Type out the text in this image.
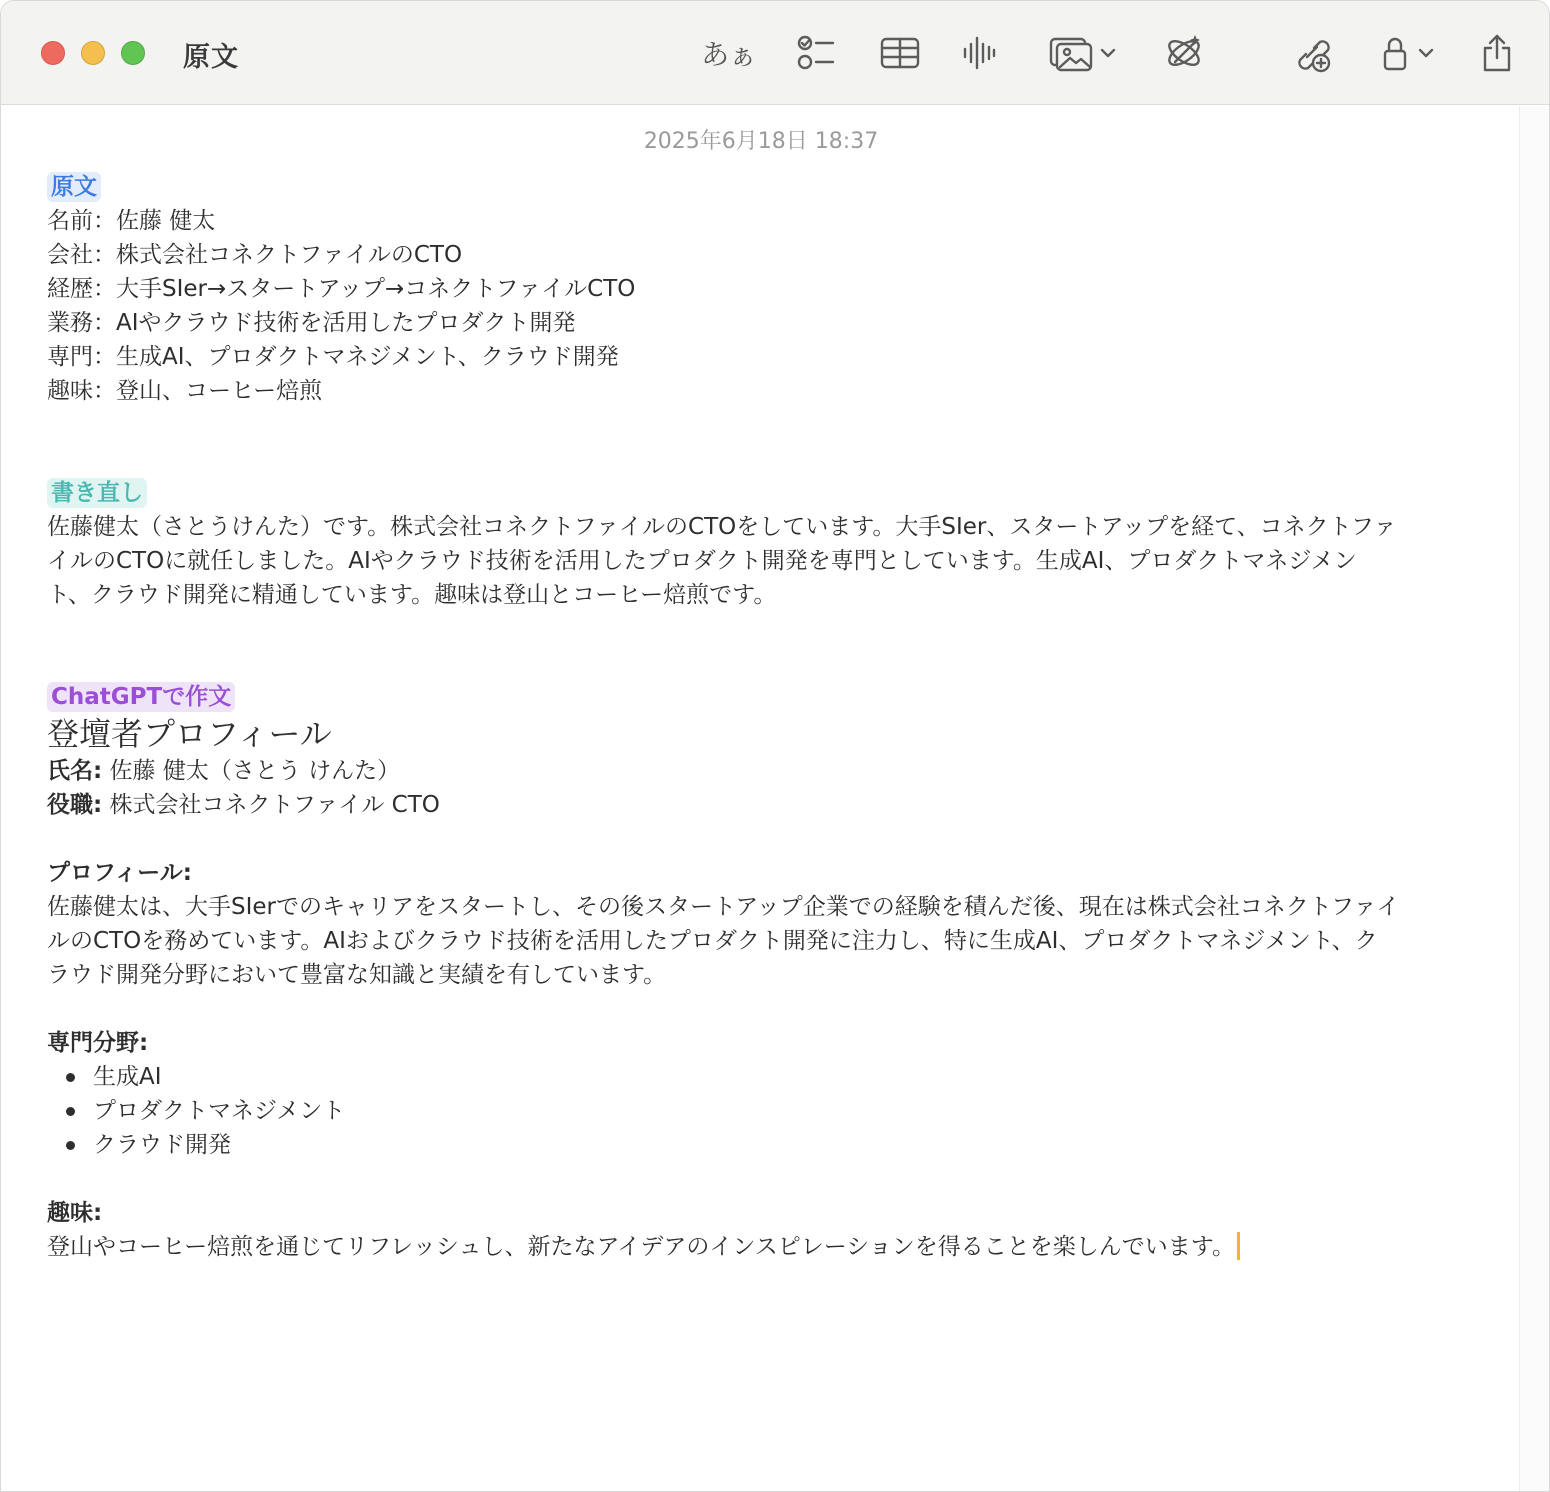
原文	あぁ
2025年6月18日 18:37
原文
名前：佐藤 健太
会社：株式会社コネクトファイルのCTO
経歴：大手SIer→スタートアップ→コネクトファイルCTO
業務：AIやクラウド技術を活用したプロダクト開発
専門：生成AI、プロダクトマネジメント、クラウド開発
趣味：登山、コーヒー焙煎
書き直し
佐藤健太（さとうけんた）です。株式会社コネクトファイルのCTOをしています。大手SIer、スタートアップを経て、コネクトファ
イルのCTOに就任しました。AIやクラウド技術を活用したプロダクト開発を専門としています。生成AI、プロダクトマネジメン
ト、クラウド開発に精通しています。趣味は登山とコーヒー焙煎です。
ChatGPTで作文
登壇者プロフィール
氏名: 佐藤 健太（さとう けんた）
役職: 株式会社コネクトファイル CTO
プロフィール:
佐藤健太は、大手SIerでのキャリアをスタートし、その後スタートアップ企業での経験を積んだ後、現在は株式会社コネクトファイ
ルのCTOを務めています。AIおよびクラウド技術を活用したプロダクト開発に注力し、特に生成AI、プロダクトマネジメント、ク
ラウド開発分野において豊富な知識と実績を有しています。
専門分野:
生成AI
プロダクトマネジメント
クラウド開発
趣味:
登山やコーヒー焙煎を通じてリフレッシュし、新たなアイデアのインスピレーションを得ることを楽しんでいます。
